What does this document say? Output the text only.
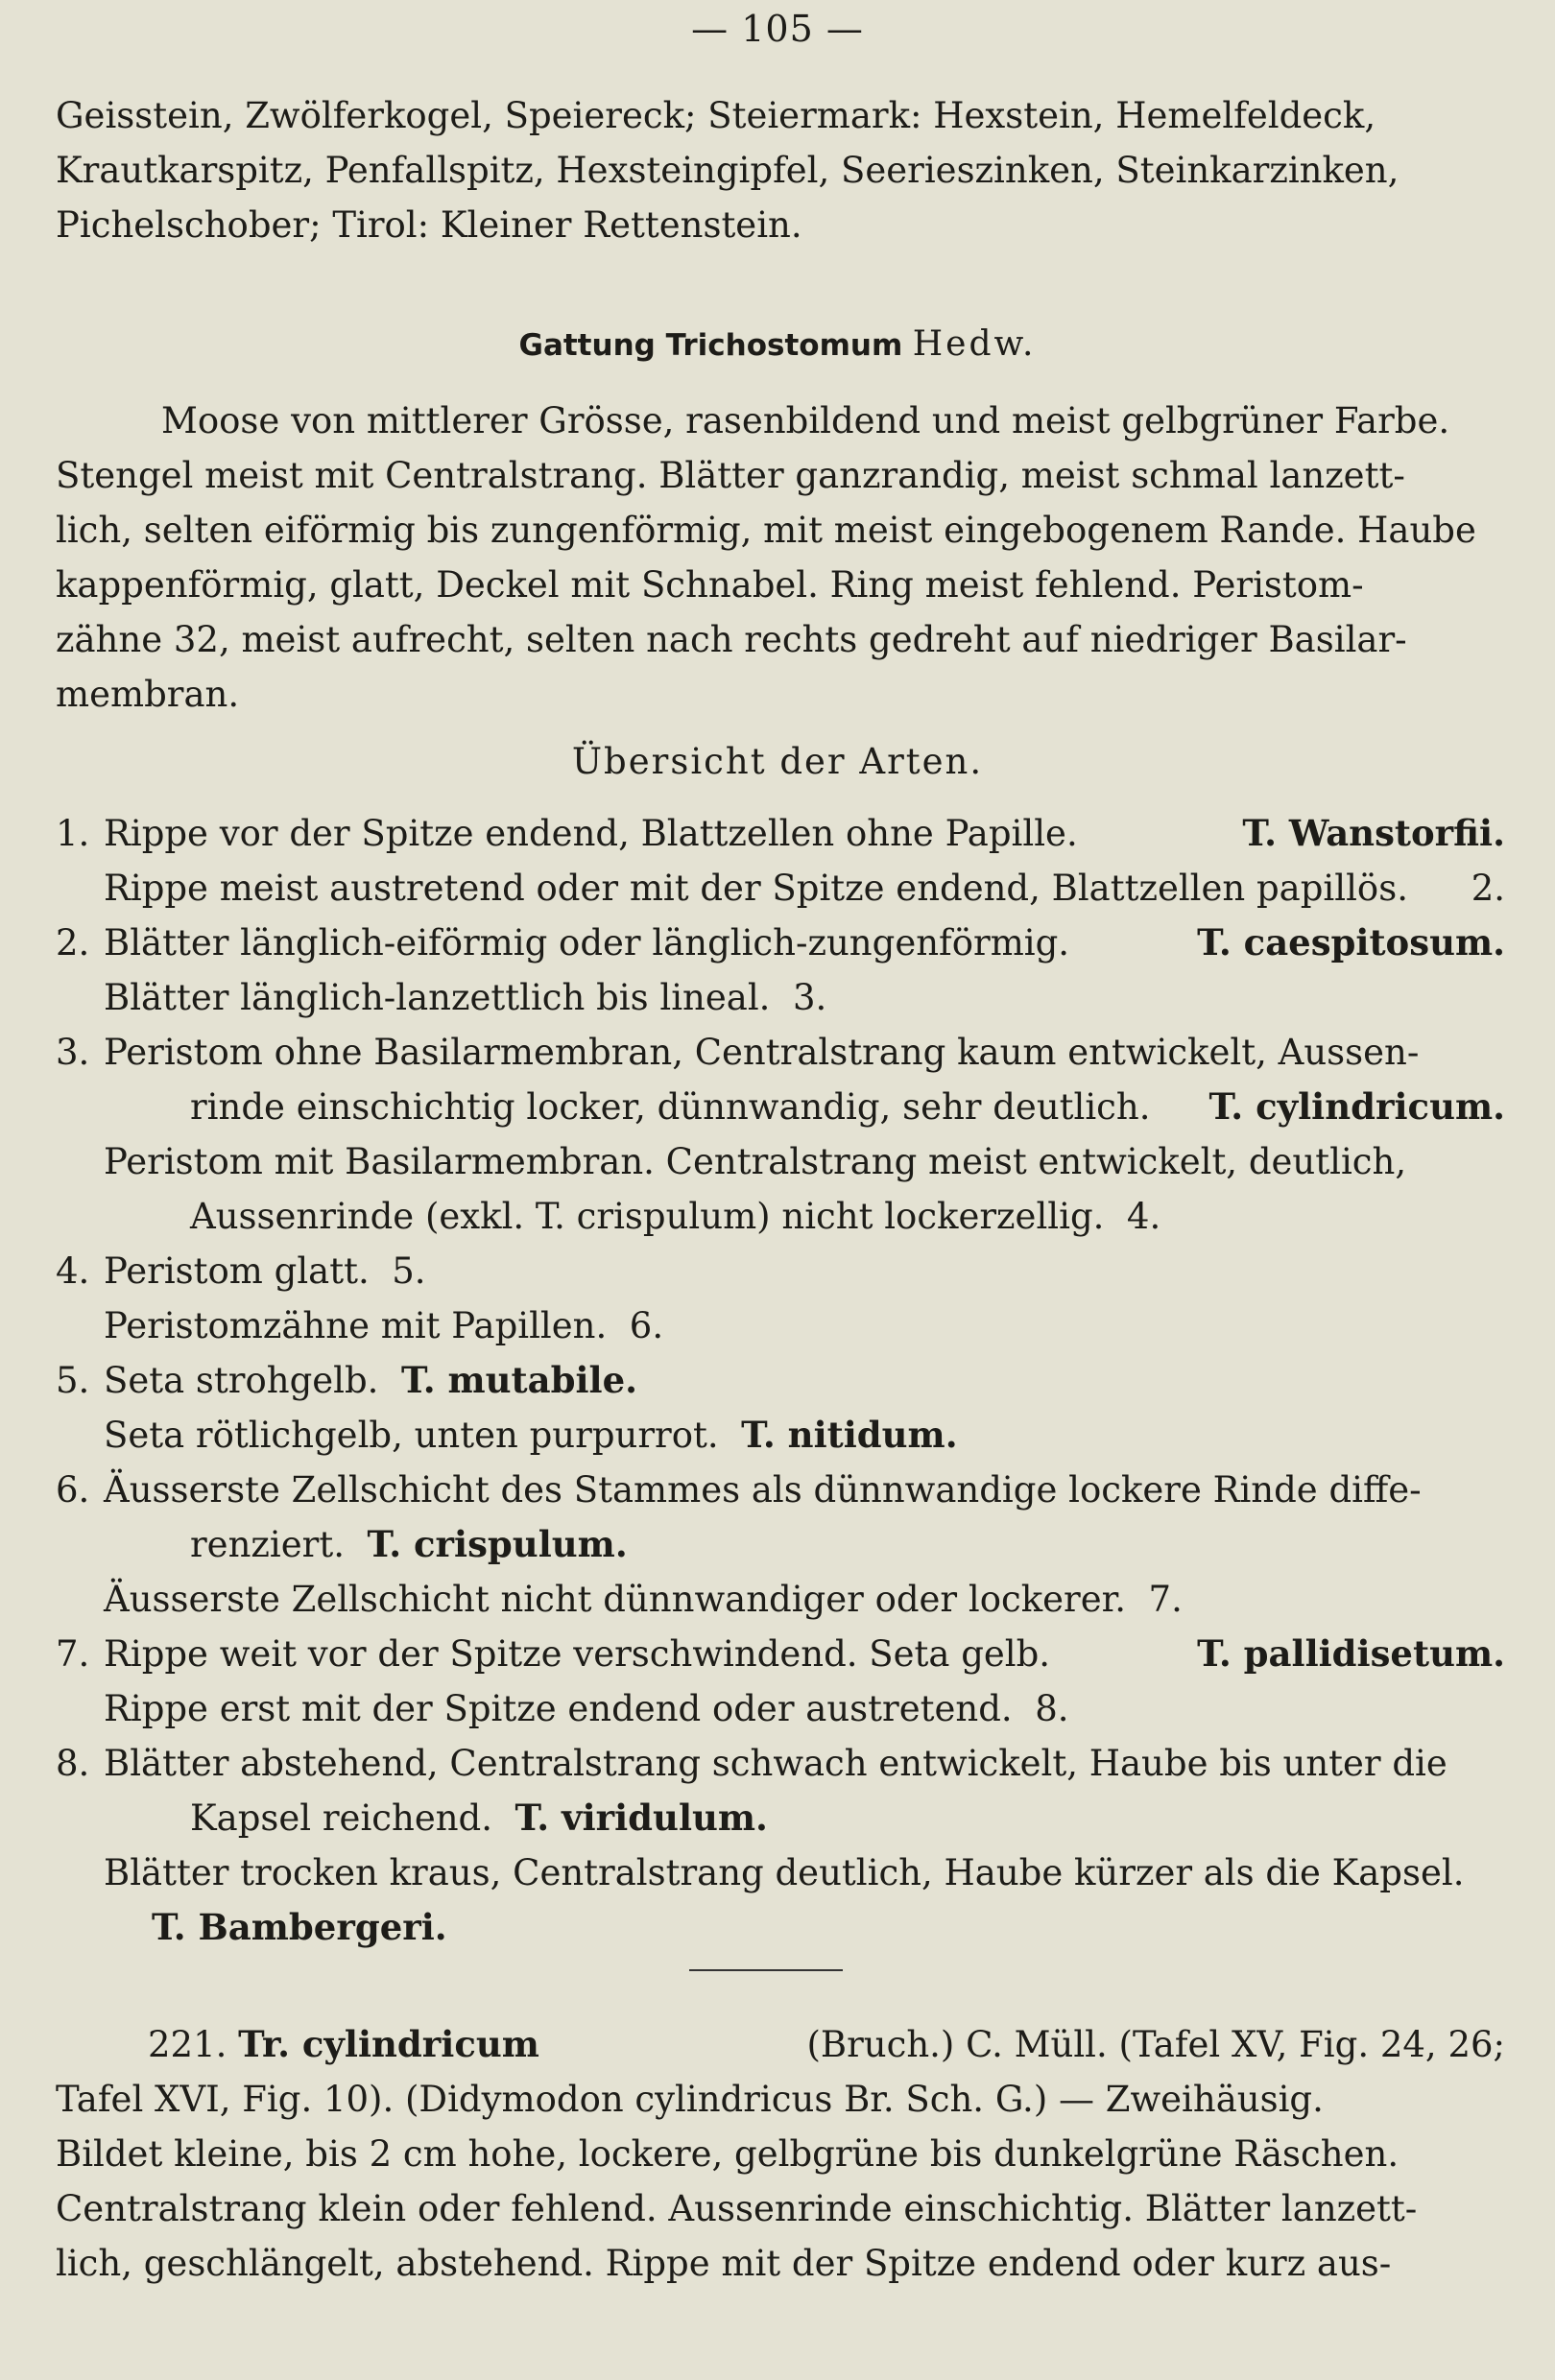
— 105 —
Geisstein, Zwölferkogel, Speiereck; Steiermark: Hexstein, Hemelfeldeck,
Krautkarspitz, Penfallspitz, Hexsteingipfel, Seerieszinken, Steinkarzinken,
Pichelschober; Tirol: Kleiner Rettenstein.
Gattung Trichostomum Hedw.
Moose von mittlerer Grösse, rasenbildend und meist gelbgrüner Farbe.
Stengel meist mit Centralstrang. Blätter ganzrandig, meist schmal lanzett-
lich, selten eiförmig bis zungenförmig, mit meist eingebogenem Rande. Haube
kappenförmig, glatt, Deckel mit Schnabel. Ring meist fehlend. Peristom-
zähne 32, meist aufrecht, selten nach rechts gedreht auf niedriger Basilar-
membran.
Übersicht der Arten.
1. Rippe vor der Spitze endend, Blattzellen ohne Papille.	T. Wanstorfii.
Rippe meist austretend oder mit der Spitze endend, Blattzellen papillös. 2.
2. Blätter länglich-eiförmig oder länglich-zungenförmig.	T. caespitosum.
Blätter länglich-lanzettlich bis lineal. 3.
3. Peristom ohne Basilarmembran, Centralstrang kaum entwickelt, Aussen-
rinde einschichtig locker, dünnwandig, sehr deutlich. T. cylindricum.
Peristom mit Basilarmembran. Centralstrang meist entwickelt, deutlich,
Aussenrinde (exkl. T. crispulum) nicht lockerzellig. 4.
4. Peristom glatt. 5.
Peristomzähne mit Papillen. 6.
5. Seta strohgelb. T. mutabile.
Seta rötlichgelb, unten purpurrot. T. nitidum.
6. Äusserste Zellschicht des Stammes als dünnwandige lockere Rinde diffe-
renziert. T. crispulum.
Äusserste Zellschicht nicht dünnwandiger oder lockerer. 7.
7. Rippe weit vor der Spitze verschwindend. Seta gelb.	T. pallidisetum.
Rippe erst mit der Spitze endend oder austretend. 8.
8. Blätter abstehend, Centralstrang schwach entwickelt, Haube bis unter die
Kapsel reichend. T. viridulum.
Blätter trocken kraus, Centralstrang deutlich, Haube kürzer als die Kapsel.
T. Bambergeri.
221. Tr. cylindricum	(Bruch.) C. Müll. (Tafel XV, Fig. 24, 26;
Tafel XVI, Fig. 10). (Didymodon cylindricus Br. Sch. G.) — Zweihäusig.
Bildet kleine, bis 2 cm hohe, lockere, gelbgrüne bis dunkelgrüne Räschen.
Centralstrang klein oder fehlend. Aussenrinde einschichtig. Blätter lanzett-
lich, geschlängelt, abstehend. Rippe mit der Spitze endend oder kurz aus-
